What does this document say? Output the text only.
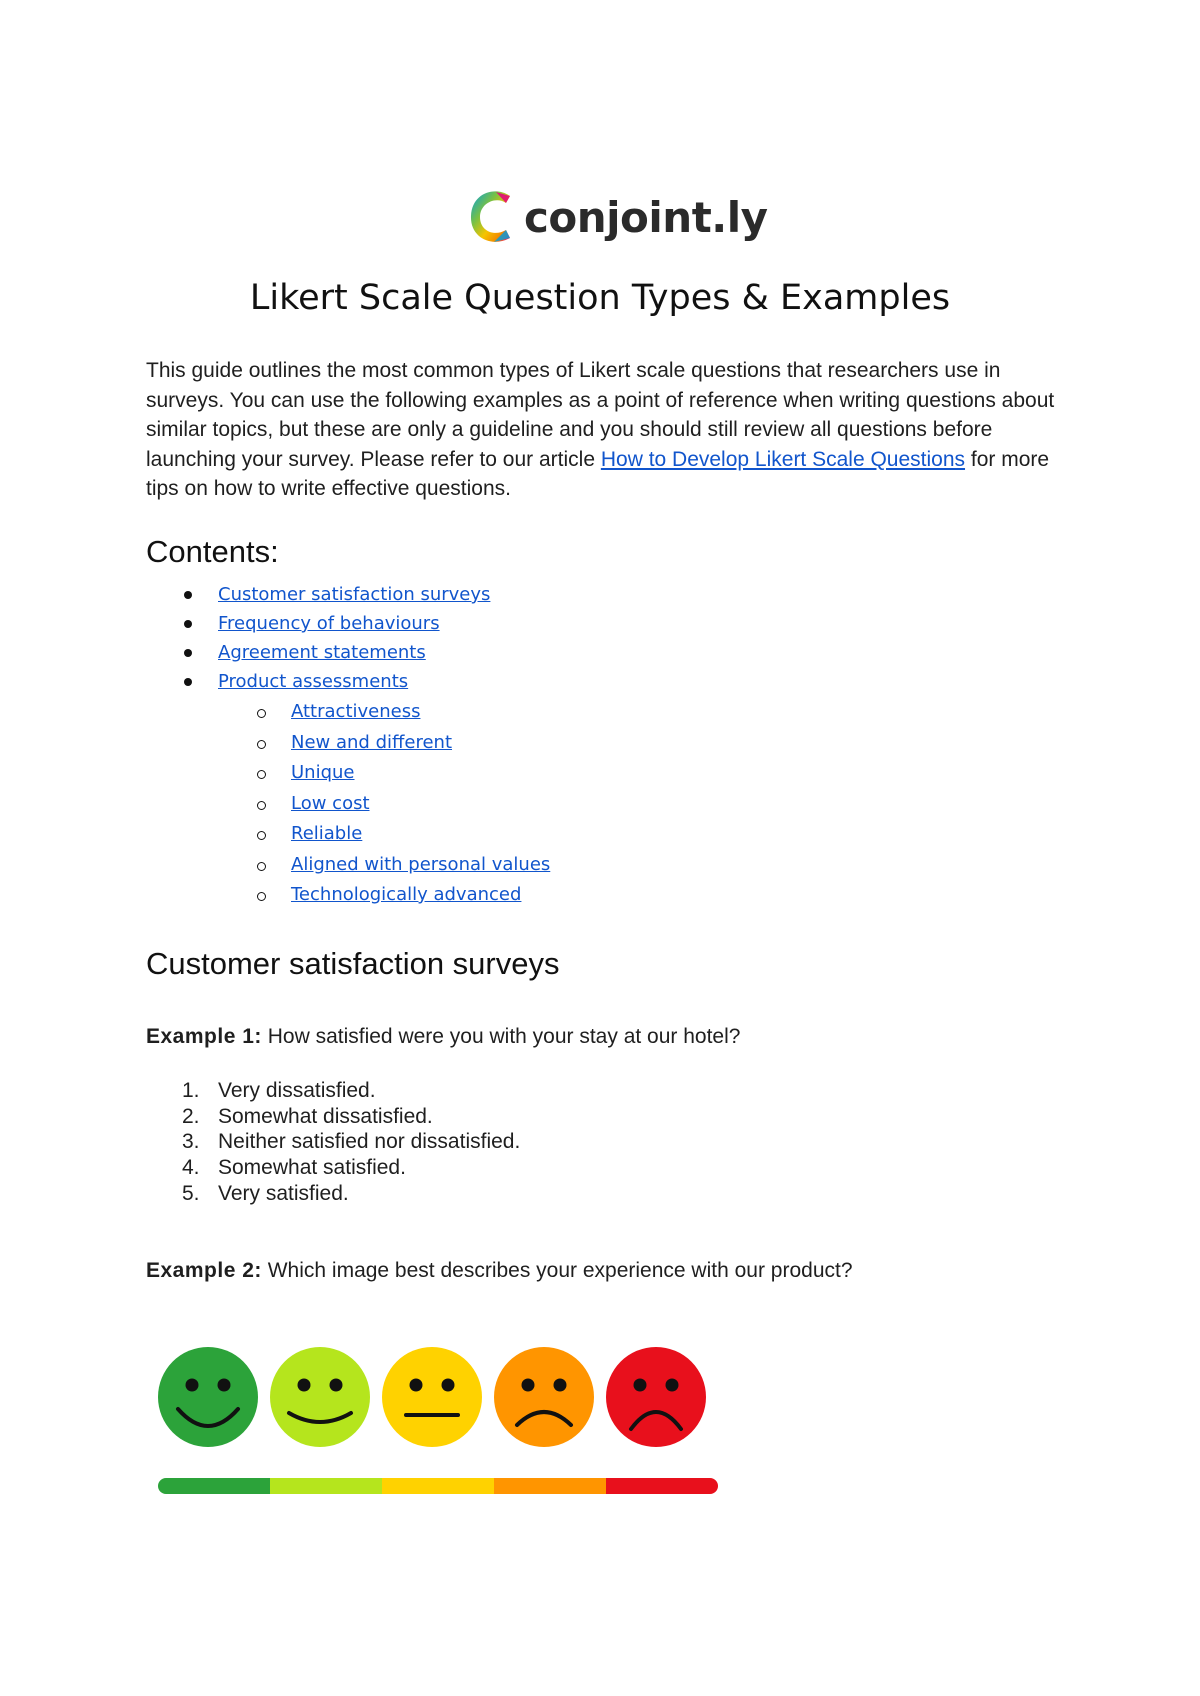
conjoint.ly
Likert Scale Question Types & Examples

This guide outlines the most common types of Likert scale questions that researchers use in surveys. You can use the following examples as a point of reference when writing questions about similar topics, but these are only a guideline and you should still review all questions before launching your survey. Please refer to our article How to Develop Likert Scale Questions for more tips on how to write effective questions.

Contents:
Customer satisfaction surveys
Frequency of behaviours
Agreement statements
Product assessments
Attractiveness
New and different
Unique
Low cost
Reliable
Aligned with personal values
Technologically advanced
Customer satisfaction surveys

Example 1: How satisfied were you with your stay at our hotel?

1. Very dissatisfied.
2. Somewhat dissatisfied.
3. Neither satisfied nor dissatisfied.
4. Somewhat satisfied.
5. Very satisfied.

Example 2: Which image best describes your experience with our product?
